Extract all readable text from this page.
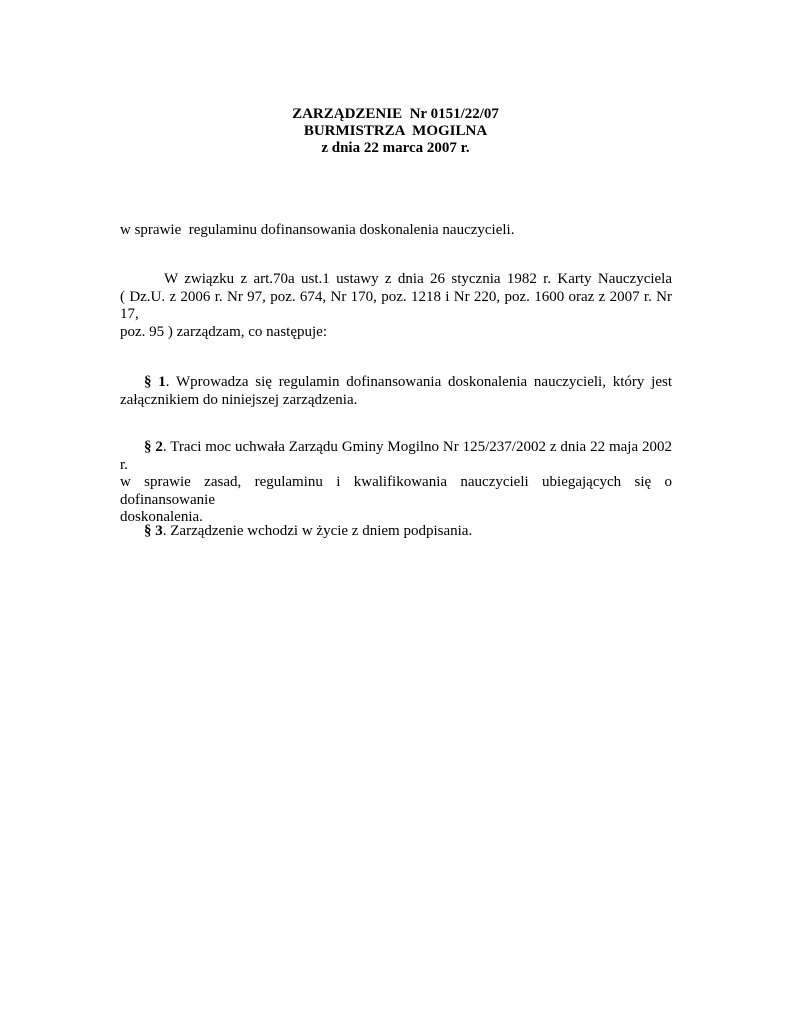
ZARZĄDZENIE  Nr 0151/22/07
BURMISTRZA  MOGILNA
z dnia 22 marca 2007 r.
w sprawie  regulaminu dofinansowania doskonalenia nauczycieli.
W związku z art.70a ust.1 ustawy z dnia 26 stycznia 1982 r. Karty Nauczyciela
( Dz.U. z 2006 r. Nr 97, poz. 674, Nr 170, poz. 1218 i Nr 220, poz. 1600 oraz z 2007 r. Nr 17,
poz. 95 ) zarządzam, co następuje:
§ 1. Wprowadza się regulamin dofinansowania doskonalenia nauczycieli, który jest
załącznikiem do niniejszej zarządzenia.
§ 2. Traci moc uchwała Zarządu Gminy Mogilno Nr 125/237/2002 z dnia 22 maja 2002 r.
w sprawie zasad, regulaminu i kwalifikowania nauczycieli ubiegających się o dofinansowanie
doskonalenia.
§ 3. Zarządzenie wchodzi w życie z dniem podpisania.
